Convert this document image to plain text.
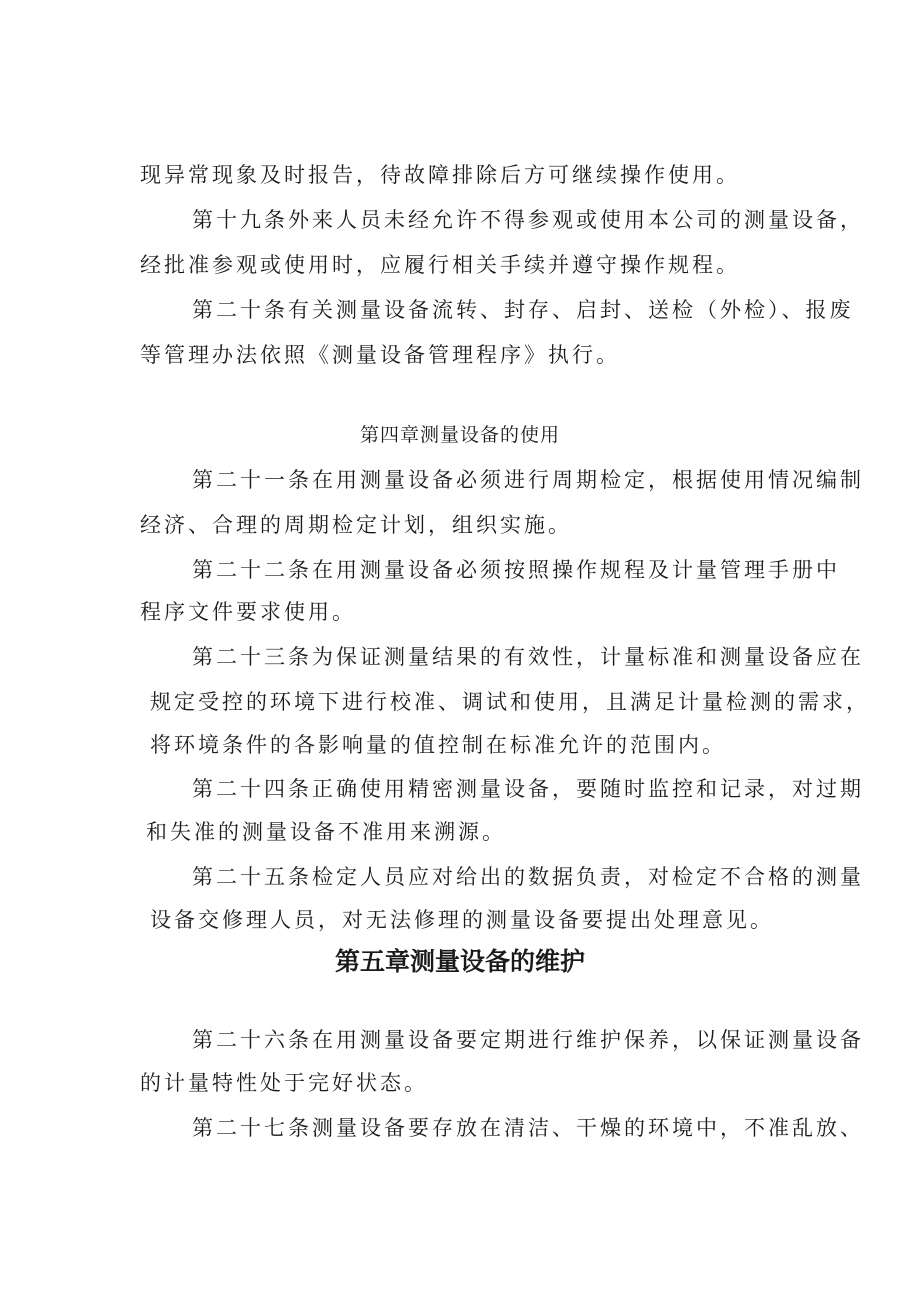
现异常现象及时报告，待故障排除后方可继续操作使用。
第十九条外来人员未经允许不得参观或使用本公司的测量设备，
经批准参观或使用时，应履行相关手续并遵守操作规程。
第二十条有关测量设备流转、封存、启封、送检（外检）、报废
等管理办法依照《测量设备管理程序》执行。
第四章测量设备的使用
第二十一条在用测量设备必须进行周期检定，根据使用情况编制
经济、合理的周期检定计划，组织实施。
第二十二条在用测量设备必须按照操作规程及计量管理手册中
程序文件要求使用。
第二十三条为保证测量结果的有效性，计量标准和测量设备应在
规定受控的环境下进行校准、调试和使用，且满足计量检测的需求，
将环境条件的各影响量的值控制在标准允许的范围内。
第二十四条正确使用精密测量设备，要随时监控和记录，对过期
和失准的测量设备不准用来溯源。
第二十五条检定人员应对给出的数据负责，对检定不合格的测量
设备交修理人员，对无法修理的测量设备要提出处理意见。
第五章测量设备的维护
第二十六条在用测量设备要定期进行维护保养，以保证测量设备
的计量特性处于完好状态。
第二十七条测量设备要存放在清洁、干燥的环境中，不准乱放、
